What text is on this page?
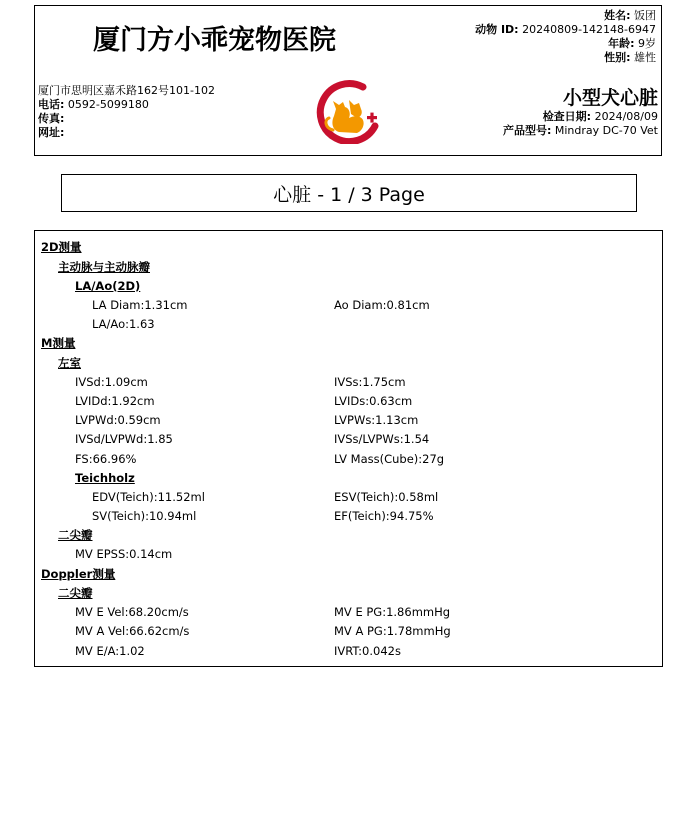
厦门方小乖宠物医院
姓名: 饭团
动物 ID: 20240809-142148-6947
年龄: 9岁
性别: 雄性
厦门市思明区嘉禾路162号101-102
电话: 0592-5099180
传真:
网址:
小型犬心脏
检查日期: 2024/08/09
产品型号: Mindray DC-70 Vet
心脏 - 1 / 3 Page
2D测量
主动脉与主动脉瓣
LA/Ao(2D)
LA Diam:1.31cm	Ao Diam:0.81cm
LA/Ao:1.63
M测量
左室
IVSd:1.09cm	IVSs:1.75cm
LVIDd:1.92cm	LVIDs:0.63cm
LVPWd:0.59cm	LVPWs:1.13cm
IVSd/LVPWd:1.85	IVSs/LVPWs:1.54
FS:66.96%	LV Mass(Cube):27g
Teichholz
EDV(Teich):11.52ml	ESV(Teich):0.58ml
SV(Teich):10.94ml	EF(Teich):94.75%
二尖瓣
MV EPSS:0.14cm
Doppler测量
二尖瓣
MV E Vel:68.20cm/s	MV E PG:1.86mmHg
MV A Vel:66.62cm/s	MV A PG:1.78mmHg
MV E/A:1.02	IVRT:0.042s
